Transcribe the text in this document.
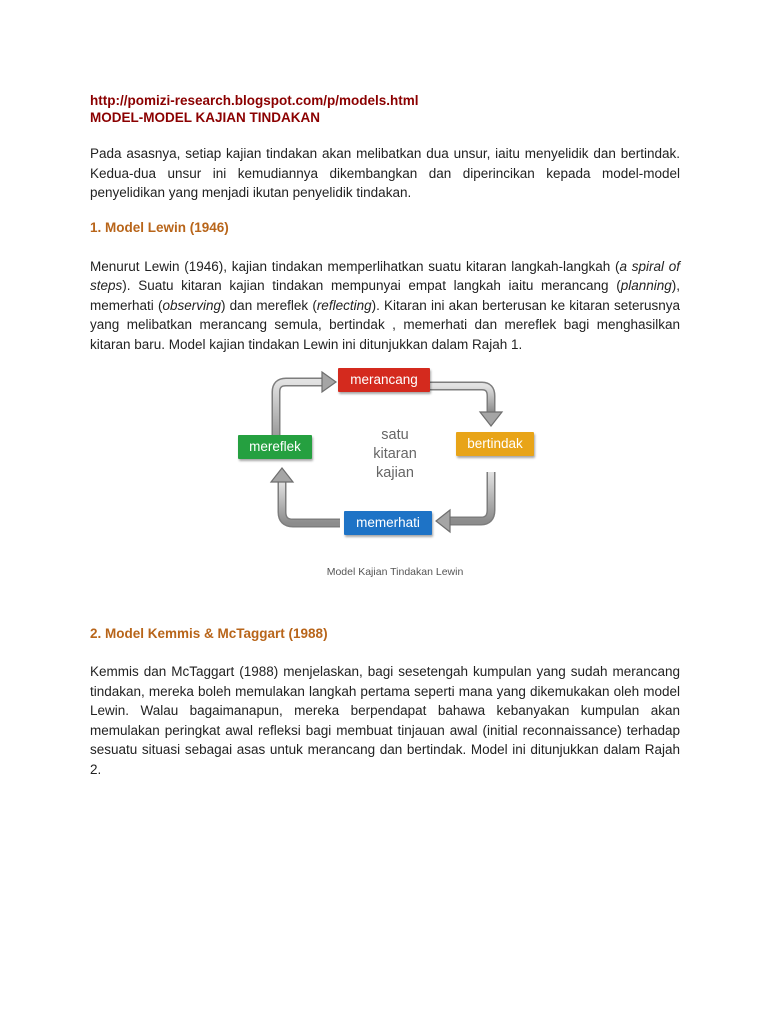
http://pomizi-research.blogspot.com/p/models.html
MODEL-MODEL KAJIAN TINDAKAN

Pada asasnya, setiap kajian tindakan akan melibatkan dua unsur, iaitu menyelidik dan bertindak. Kedua-dua unsur ini kemudiannya dikembangkan dan diperincikan kepada model-model penyelidikan yang menjadi ikutan penyelidik tindakan.

1. Model Lewin (1946)

Menurut Lewin (1946), kajian tindakan memperlihatkan suatu kitaran langkah-langkah (a spiral of steps). Suatu kitaran kajian tindakan mempunyai empat langkah iaitu merancang (planning), memerhati (observing) dan mereflek (reflecting). Kitaran ini akan berterusan ke kitaran seterusnya yang melibatkan merancang semula, bertindak , memerhati dan mereflek bagi menghasilkan kitaran baru. Model kajian tindakan Lewin ini ditunjukkan dalam Rajah 1.

merancang
bertindak
memerhati
mereflek
satu
kitaran
kajian
Model Kajian Tindakan Lewin
2. Model Kemmis & McTaggart (1988)

Kemmis dan McTaggart (1988) menjelaskan, bagi sesetengah kumpulan yang sudah merancang tindakan, mereka boleh memulakan langkah pertama seperti mana yang dikemukakan oleh model Lewin. Walau bagaimanapun, mereka berpendapat bahawa kebanyakan kumpulan akan memulakan peringkat awal refleksi bagi membuat tinjauan awal (initial reconnaissance) terhadap sesuatu situasi sebagai asas untuk merancang dan bertindak. Model ini ditunjukkan dalam Rajah 2.
